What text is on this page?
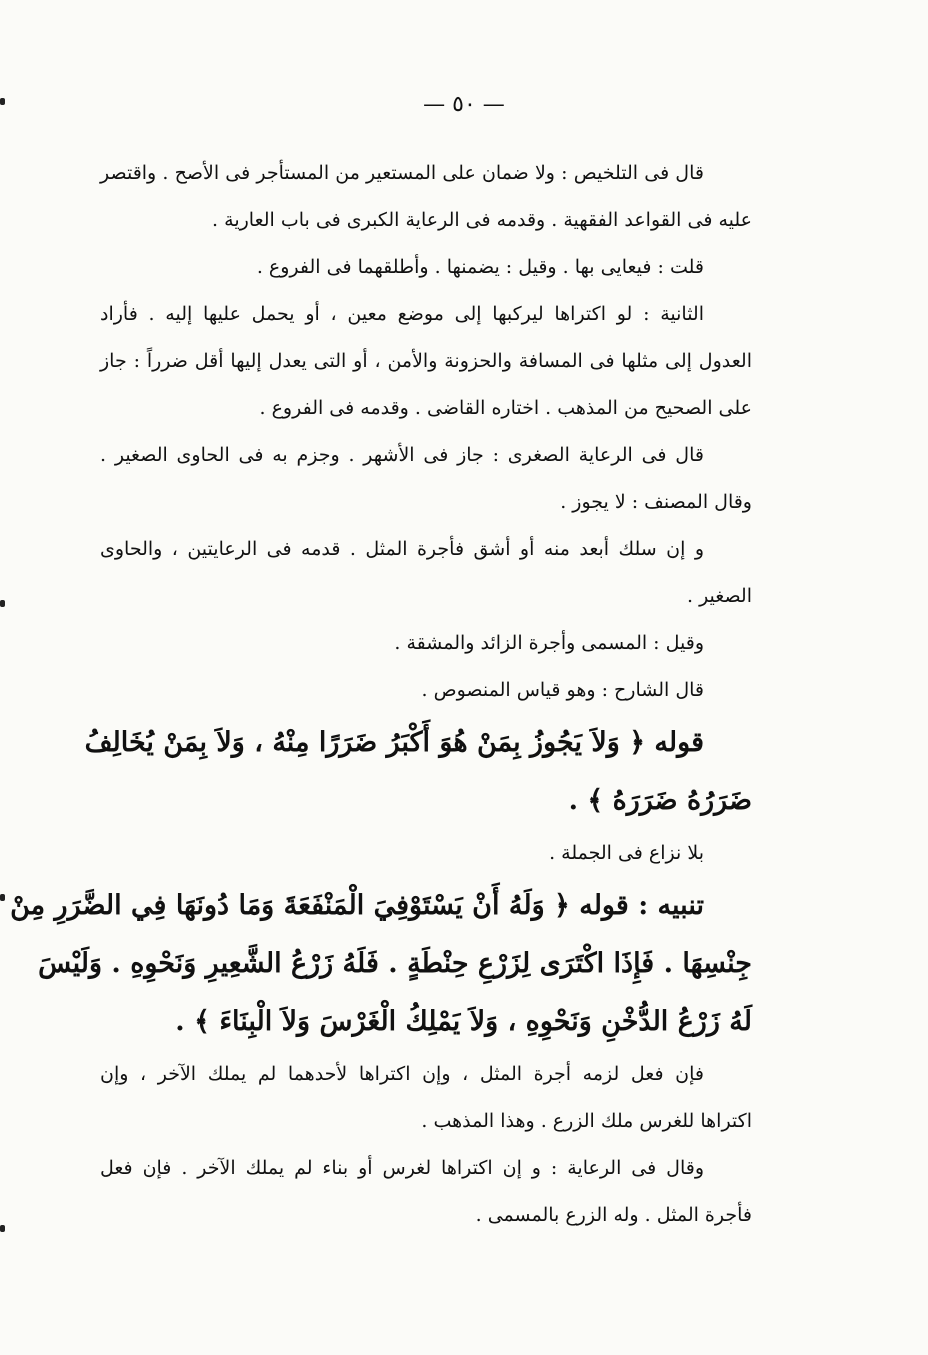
— ٥٠ —
قال فى التلخيص : ولا ضمان على المستعير من المستأجر فى الأصح . واقتصر
عليه فى القواعد الفقهية . وقدمه فى الرعاية الكبرى فى باب العارية .
قلت : فيعايى بها . وقيل : يضمنها . وأطلقهما فى الفروع .
الثانية : لو اكتراها ليركبها إلى موضع معين ، أو يحمل عليها إليه . فأراد
العدول إلى مثلها فى المسافة والحزونة والأمن ، أو التى يعدل إليها أقل ضرراً : جاز
على الصحيح من المذهب . اختاره القاضى . وقدمه فى الفروع .
قال فى الرعاية الصغرى : جاز فى الأشهر . وجزم به فى الحاوى الصغير .
وقال المصنف : لا يجوز .
و إن سلك أبعد منه أو أشق فأجرة المثل . قدمه فى الرعايتين ، والحاوى
الصغير .
وقيل : المسمى وأجرة الزائد والمشقة .
قال الشارح : وهو قياس المنصوص .
قوله ﴿ وَلاَ يَجُوزُ بِمَنْ هُوَ أَكْبَرُ ضَرَرًا مِنْهُ ، وَلاَ بِمَنْ يُخَالِفُ
ضَرَرُهُ ضَرَرَهُ ﴾ .
بلا نزاع فى الجملة .
تنبيه : قوله ﴿ وَلَهُ أَنْ يَسْتَوْفِيَ الْمَنْفَعَةَ وَمَا دُونَهَا فِي الضَّرَرِ مِنْ
جِنْسِهَا . فَإِذَا اكْتَرَى لِزَرْعِ حِنْطَةٍ . فَلَهُ زَرْعُ الشَّعِيرِ وَنَحْوِهِ . وَلَيْسَ
لَهُ زَرْعُ الدُّخْنِ وَنَحْوِهِ ، وَلاَ يَمْلِكُ الْغَرْسَ وَلاَ الْبِنَاءَ ﴾ .
فإن فعل لزمه أجرة المثل ، وإن اكتراها لأحدهما لم يملك الآخر ، وإن
اكتراها للغرس ملك الزرع . وهذا المذهب .
وقال فى الرعاية : و إن اكتراها لغرس أو بناء لم يملك الآخر . فإن فعل
فأجرة المثل . وله الزرع بالمسمى .
